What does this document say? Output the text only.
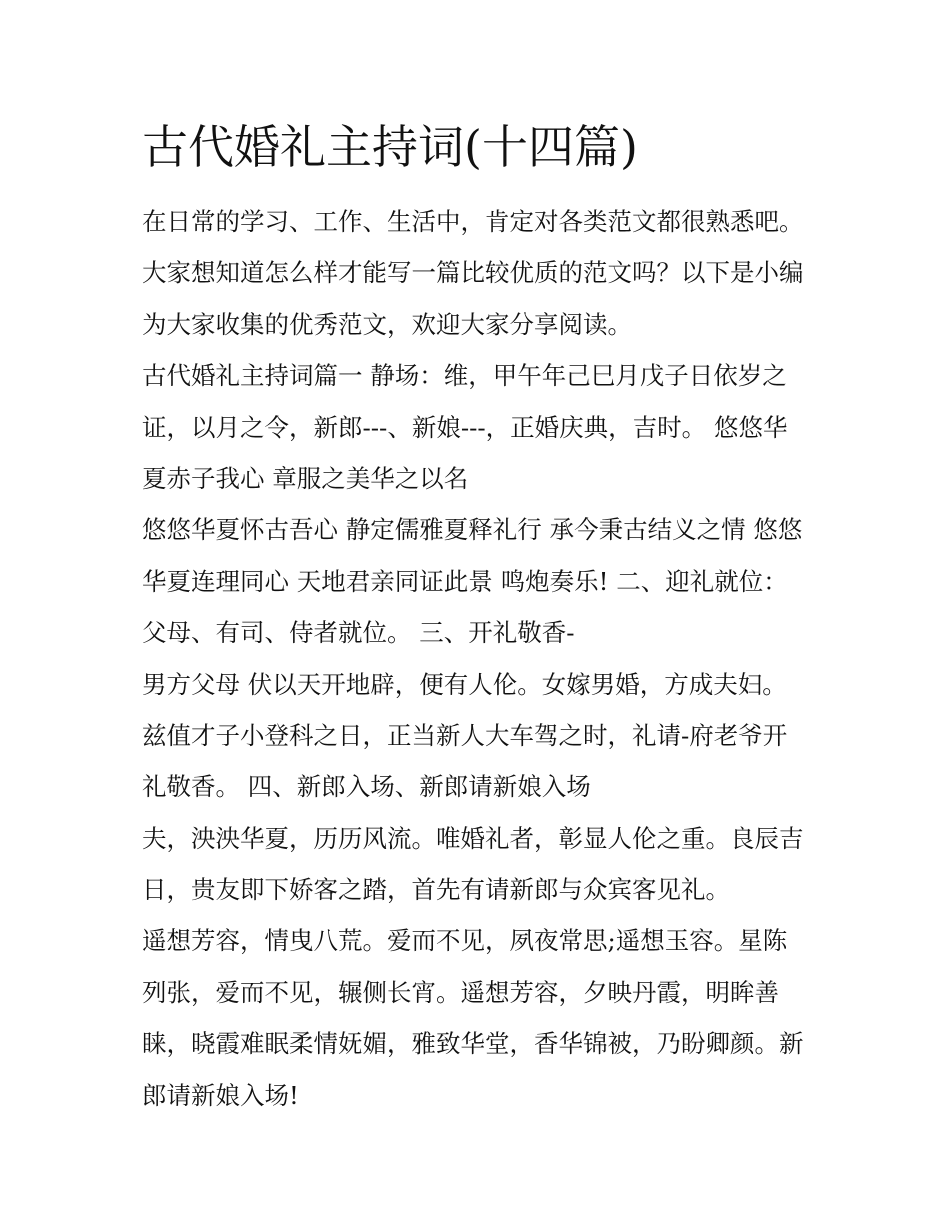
古代婚礼主持词(十四篇)
在日常的学习、工作、生活中，肯定对各类范文都很熟悉吧。
大家想知道怎么样才能写一篇比较优质的范文吗？以下是小编
为大家收集的优秀范文，欢迎大家分享阅读。
古代婚礼主持词篇一 静场：维，甲午年己巳月戊子日依岁之
证，以月之令，新郎---、新娘---，正婚庆典，吉时。 悠悠华
夏赤子我心 章服之美华之以名
悠悠华夏怀古吾心 静定儒雅夏释礼行 承今秉古结义之情 悠悠
华夏连理同心 天地君亲同证此景 鸣炮奏乐! 二、迎礼就位：
父母、有司、侍者就位。 三、开礼敬香-
男方父母 伏以天开地辟，便有人伦。女嫁男婚，方成夫妇。
兹值才子小登科之日，正当新人大车驾之时，礼请-府老爷开
礼敬香。 四、新郎入场、新郎请新娘入场
夫，泱泱华夏，历历风流。唯婚礼者，彰显人伦之重。良辰吉
日，贵友即下娇客之踏，首先有请新郎与众宾客见礼。
遥想芳容，情曳八荒。爱而不见，夙夜常思;遥想玉容。星陈
列张，爱而不见，辗侧长宵。遥想芳容，夕映丹霞，明眸善
睐，晓霞难眠柔情妩媚，雅致华堂，香华锦被，乃盼卿颜。新
郎请新娘入场!
